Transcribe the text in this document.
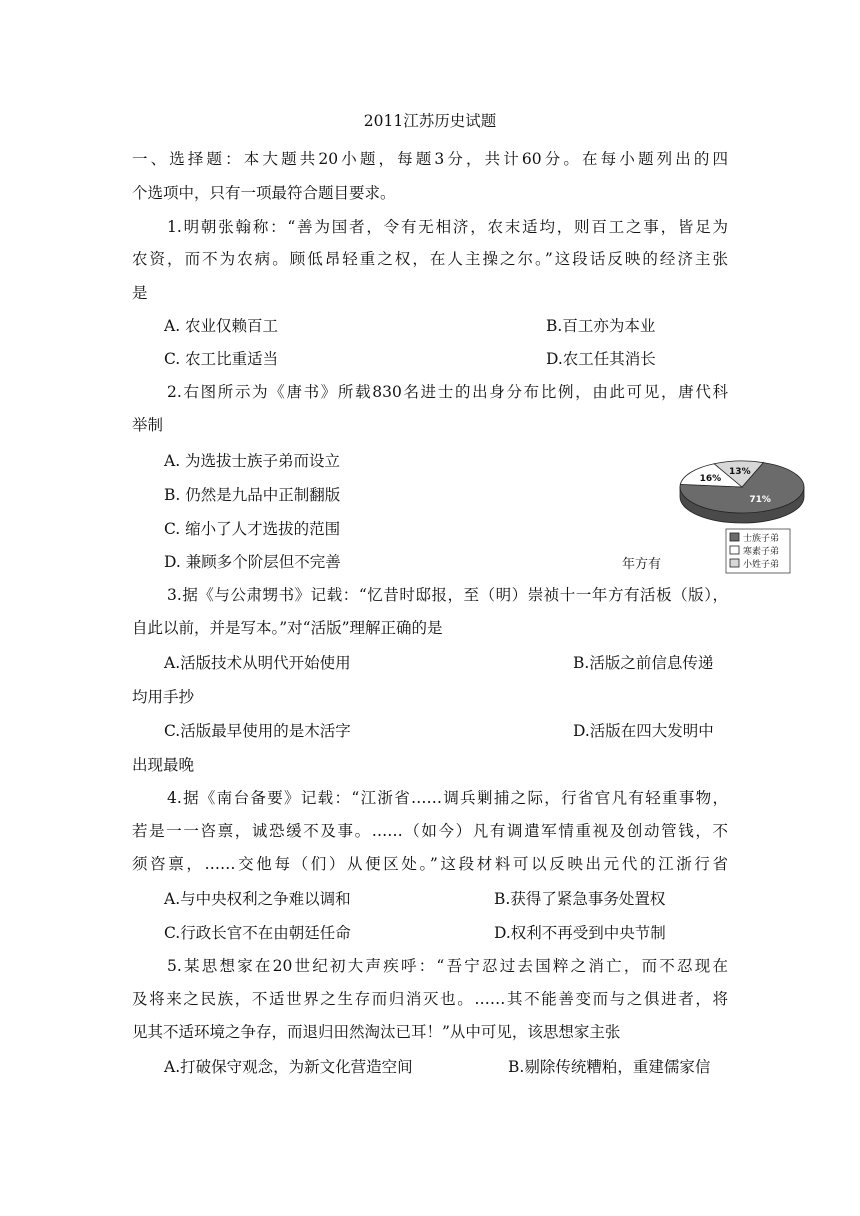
2011江苏历史试题
一、选择题：本大题共20小题，每题3分，共计60分。在每小题列出的四
个选项中，只有一项最符合题目要求。
1.明朝张翰称：“善为国者，令有无相济，农末适均，则百工之事，皆足为
农资，而不为农病。顾低昂轻重之权，在人主操之尔。”这段话反映的经济主张
是
A. 农业仅赖百工	B.百工亦为本业
C. 农工比重适当	D.农工任其消长
2.右图所示为《唐书》所载830名进士的出身分布比例，由此可见，唐代科
举制
A. 为选拔士族子弟而设立
B. 仍然是九品中正制翻版
C. 缩小了人才选拔的范围
D. 兼顾多个阶层但不完善
71%
16%
13%
士族子弟
寒素子弟
小姓子弟
年方有
3.据《与公肃甥书》记载：“忆昔时邸报，至（明）崇祯十一年方有活板（版），
自此以前，并是写本。”对“活版”理解正确的是
A.活版技术从明代开始使用	B.活版之前信息传递
均用手抄
C.活版最早使用的是木活字	D.活版在四大发明中
出现最晚
4.据《南台备要》记载：“江浙省……调兵剿捕之际，行省官凡有轻重事物，
若是一一咨禀，诚恐缓不及事。……（如今）凡有调遣军情重视及创动管钱，不
须咨禀，……交他每（们）从便区处。”这段材料可以反映出元代的江浙行省
A.与中央权利之争难以调和	B.获得了紧急事务处置权
C.行政长官不在由朝廷任命	D.权利不再受到中央节制
5.某思想家在20世纪初大声疾呼：“吾宁忍过去国粹之消亡，而不忍现在
及将来之民族，不适世界之生存而归消灭也。……其不能善变而与之俱进者，将
见其不适环境之争存，而退归田然淘汰已耳！”从中可见，该思想家主张
A.打破保守观念，为新文化营造空间	B.剔除传统糟粕，重建儒家信
